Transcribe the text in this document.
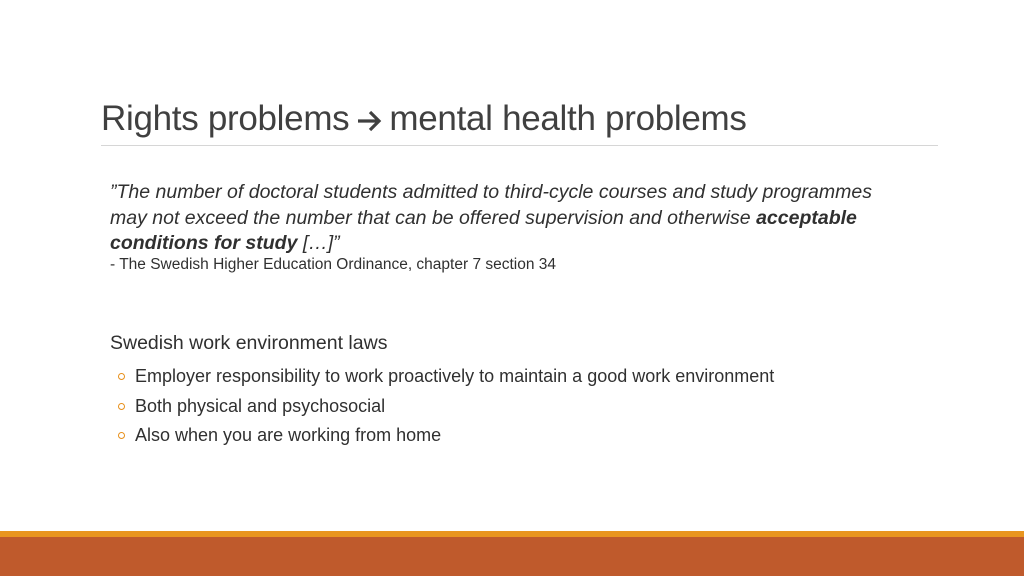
Rights problems mental health problems
”The number of doctoral students admitted to third-cycle courses and study programmes may not exceed the number that can be offered supervision and otherwise acceptable conditions for study […]”
- The Swedish Higher Education Ordinance, chapter 7 section 34
Swedish work environment laws
Employer responsibility to work proactively to maintain a good work environment
Both physical and psychosocial
Also when you are working from home
